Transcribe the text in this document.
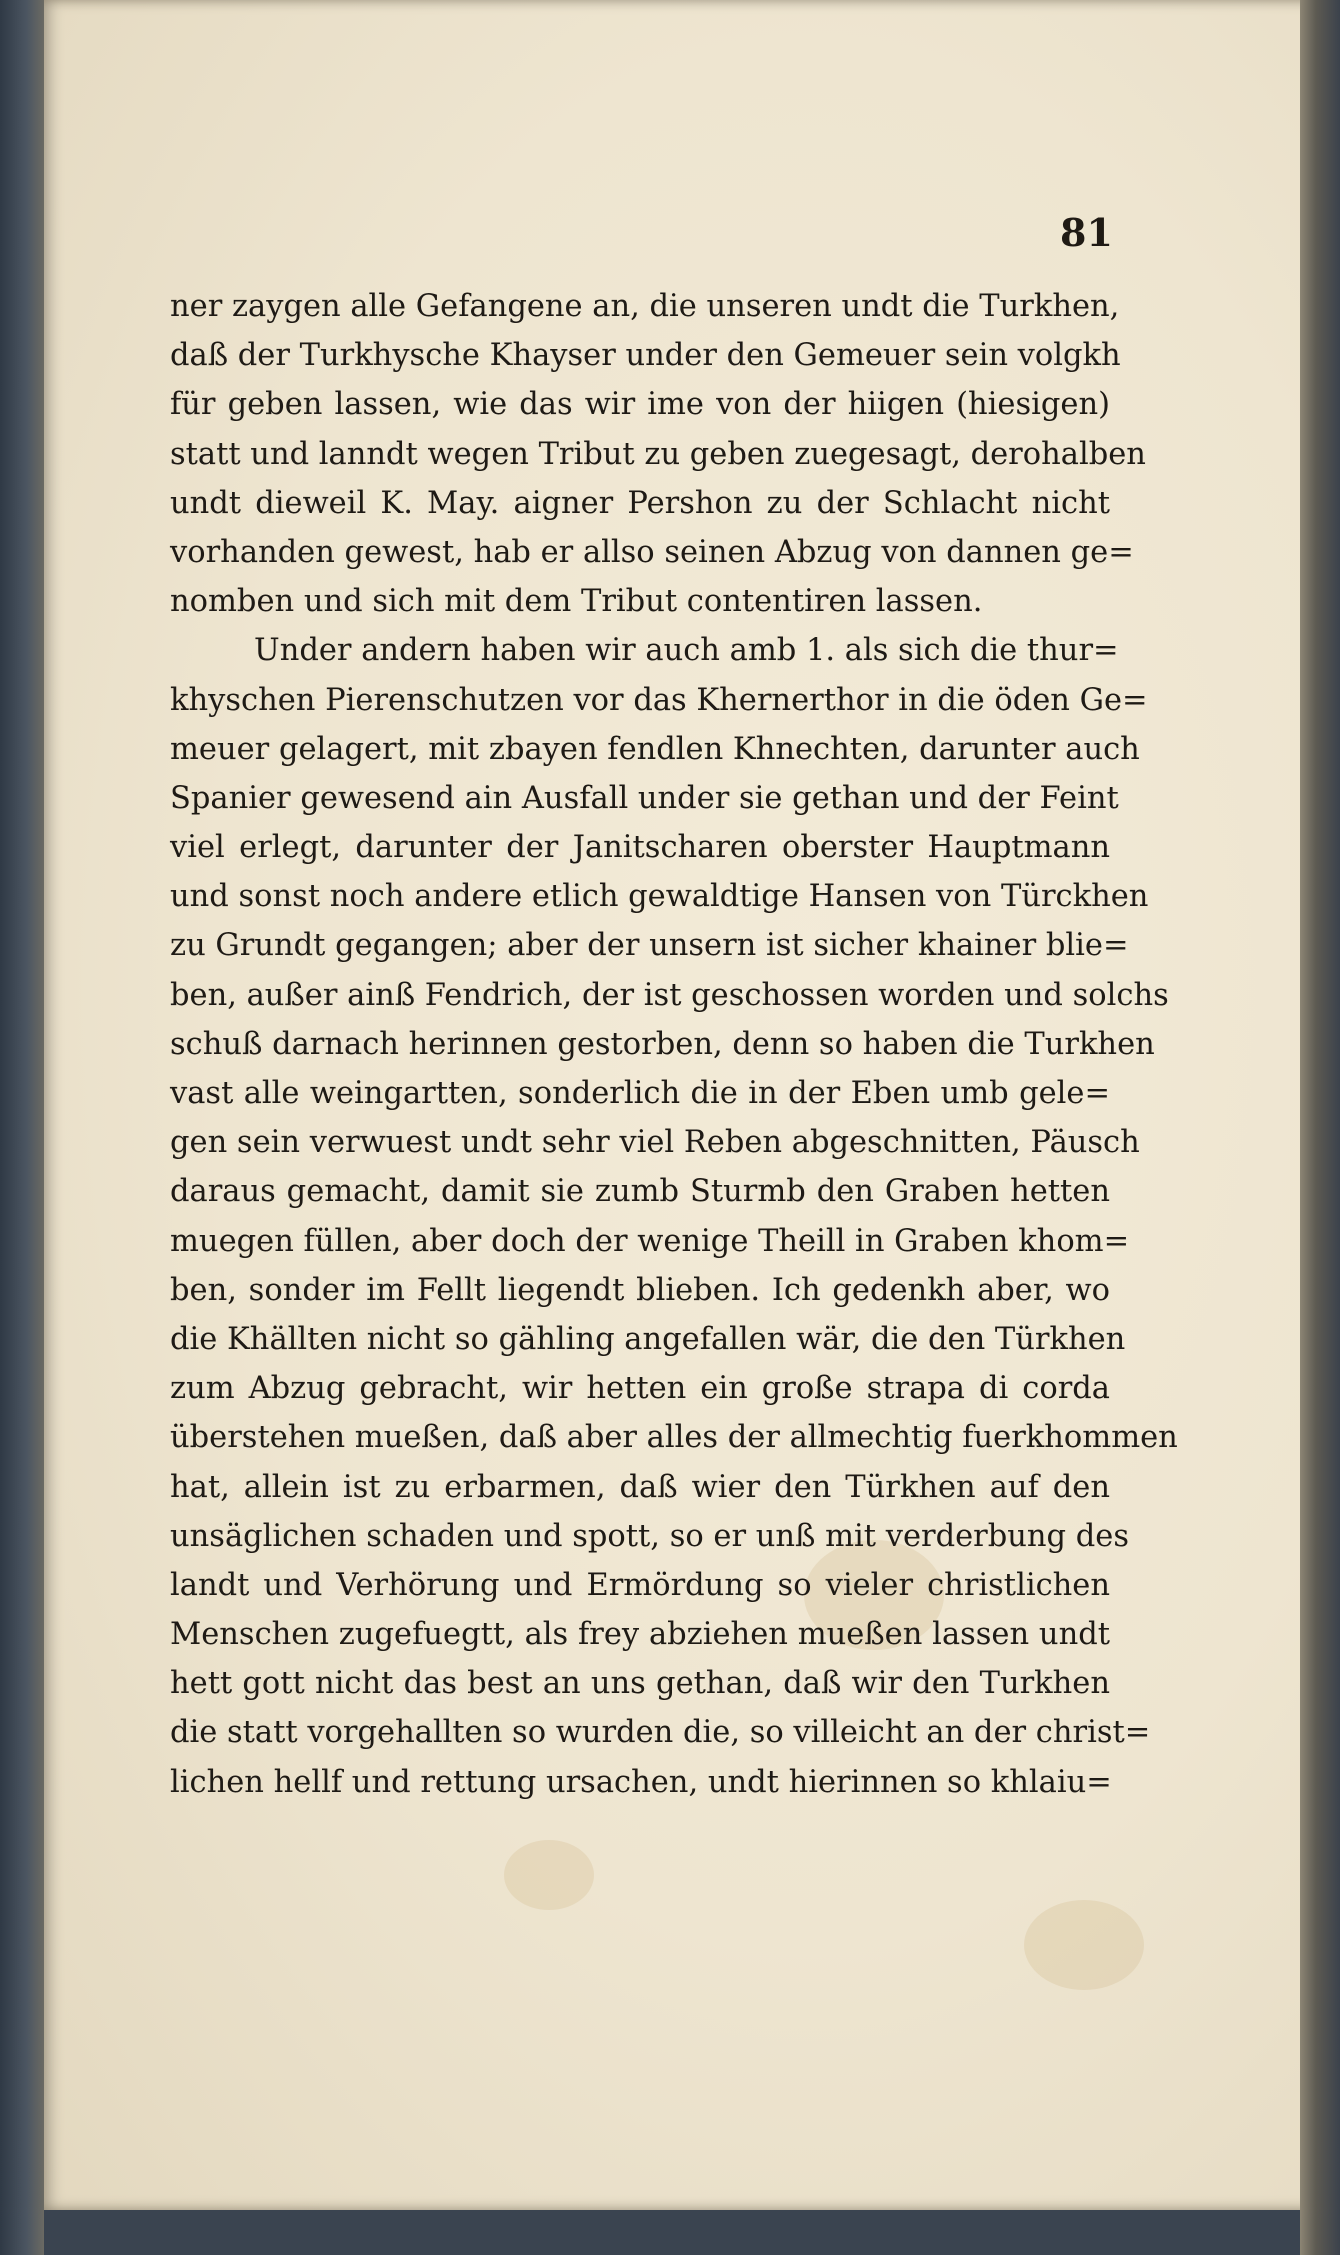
81
ner zaygen alle Gefangene an, die unseren undt die Turkhen,
daß der Turkhysche Khayser under den Gemeuer sein volgkh
für geben lassen, wie das wir ime von der hiigen (hiesigen)
statt und lanndt wegen Tribut zu geben zuegesagt, derohalben
undt dieweil K. May. aigner Pershon zu der Schlacht nicht
vorhanden gewest, hab er allso seinen Abzug von dannen ge=
nomben und sich mit dem Tribut contentiren lassen.
Under andern haben wir auch amb 1. als sich die thur=
khyschen Pierenschutzen vor das Khernerthor in die öden Ge=
meuer gelagert, mit zbayen fendlen Khnechten, darunter auch
Spanier gewesend ain Ausfall under sie gethan und der Feint
viel erlegt, darunter der Janitscharen oberster Hauptmann
und sonst noch andere etlich gewaldtige Hansen von Türckhen
zu Grundt gegangen; aber der unsern ist sicher khainer blie=
ben, außer ainß Fendrich, der ist geschossen worden und solchs
schuß darnach herinnen gestorben, denn so haben die Turkhen
vast alle weingartten, sonderlich die in der Eben umb gele=
gen sein verwuest undt sehr viel Reben abgeschnitten, Päusch
daraus gemacht, damit sie zumb Sturmb den Graben hetten
muegen füllen, aber doch der wenige Theill in Graben khom=
ben, sonder im Fellt liegendt blieben. Ich gedenkh aber, wo
die Khällten nicht so gähling angefallen wär, die den Türkhen
zum Abzug gebracht, wir hetten ein große strapa di corda
überstehen mueßen, daß aber alles der allmechtig fuerkhommen
hat, allein ist zu erbarmen, daß wier den Türkhen auf den
unsäglichen schaden und spott, so er unß mit verderbung des
landt und Verhörung und Ermördung so vieler christlichen
Menschen zugefuegtt, als frey abziehen mueßen lassen undt
hett gott nicht das best an uns gethan, daß wir den Turkhen
die statt vorgehallten so wurden die, so villeicht an der christ=
lichen hellf und rettung ursachen, undt hierinnen so khlaiu=
